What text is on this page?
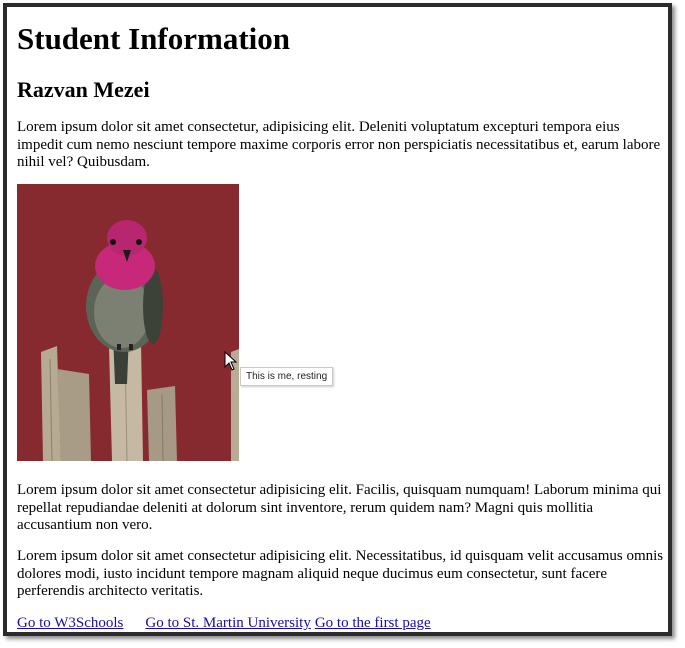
Student Information
Razvan Mezei

Lorem ipsum dolor sit amet consectetur, adipisicing elit. Deleniti voluptatum excepturi tempora eius impedit cum nemo nesciunt tempore maxime corporis error non perspiciatis necessitatibus et, earum labore nihil vel? Quibusdam.

This is me, resting

Lorem ipsum dolor sit amet consectetur adipisicing elit. Facilis, quisquam numquam! Laborum minima qui repellat repudiandae deleniti at dolorum sint inventore, rerum quidem nam? Magni quis mollitia accusantium non vero.

Lorem ipsum dolor sit amet consectetur adipisicing elit. Necessitatibus, id quisquam velit accusamus omnis dolores modi, iusto incidunt tempore magnam aliquid neque ducimus eum consectetur, sunt facere perferendis architecto veritatis.

Go to W3Schools Go to St. Martin University Go to the first page
